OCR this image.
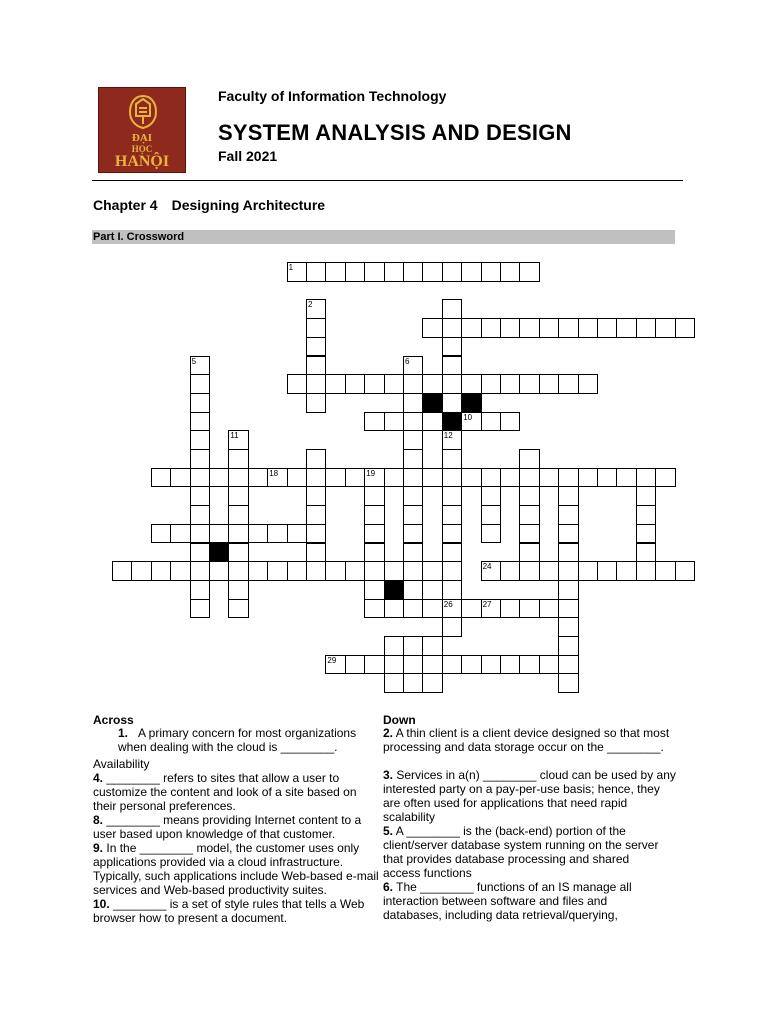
ĐẠI
HỌC
HANỘI
Faculty of Information Technology
SYSTEM ANALYSIS AND DESIGN
Fall 2021
Chapter 4 Designing Architecture
Part I. Crossword
1
10
18	19
24
26	27
29
2
5
11
6
12
Across	Down
1. A primary concern for most organizations when dealing with the cloud is ________.
Availability
4. ________ refers to sites that allow a user to customize the content and look of a site based on their personal preferences.
8. ________ means providing Internet content to a user based upon knowledge of that customer.
9. In the ________ model, the customer uses only applications provided via a cloud infrastructure. Typically, such applications include Web-based e-mail services and Web-based productivity suites.
10. ________ is a set of style rules that tells a Web browser how to present a document.
2. A thin client is a client device designed so that most processing and data storage occur on the ________.
3. Services in a(n) ________ cloud can be used by any interested party on a pay-per-use basis; hence, they are often used for applications that need rapid scalability
5. A ________ is the (back-end) portion of the client/server database system running on the server that provides database processing and shared access functions
6. The ________ functions of an IS manage all interaction between software and files and databases, including data retrieval/querying,
